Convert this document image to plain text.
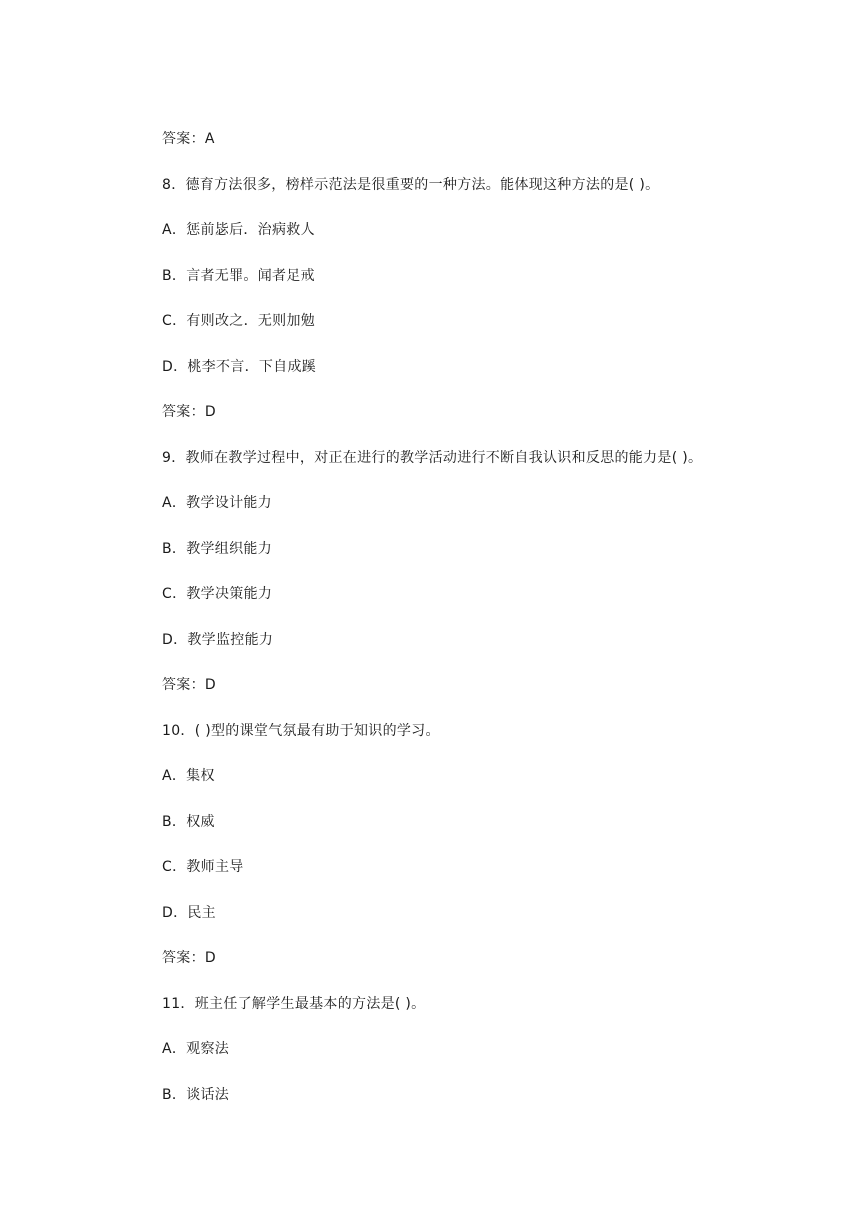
答案：A
8．德育方法很多，榜样示范法是很重要的一种方法。能体现这种方法的是( )。
A．惩前毖后．治病救人
B．言者无罪。闻者足戒
C．有则改之．无则加勉
D．桃李不言．下自成蹊
答案：D
9．教师在教学过程中，对正在进行的教学活动进行不断自我认识和反思的能力是( )。
A．教学设计能力
B．教学组织能力
C．教学决策能力
D．教学监控能力
答案：D
10．( )型的课堂气氛最有助于知识的学习。
A．集权
B．权威
C．教师主导
D．民主
答案：D
11．班主任了解学生最基本的方法是( )。
A．观察法
B．谈话法
